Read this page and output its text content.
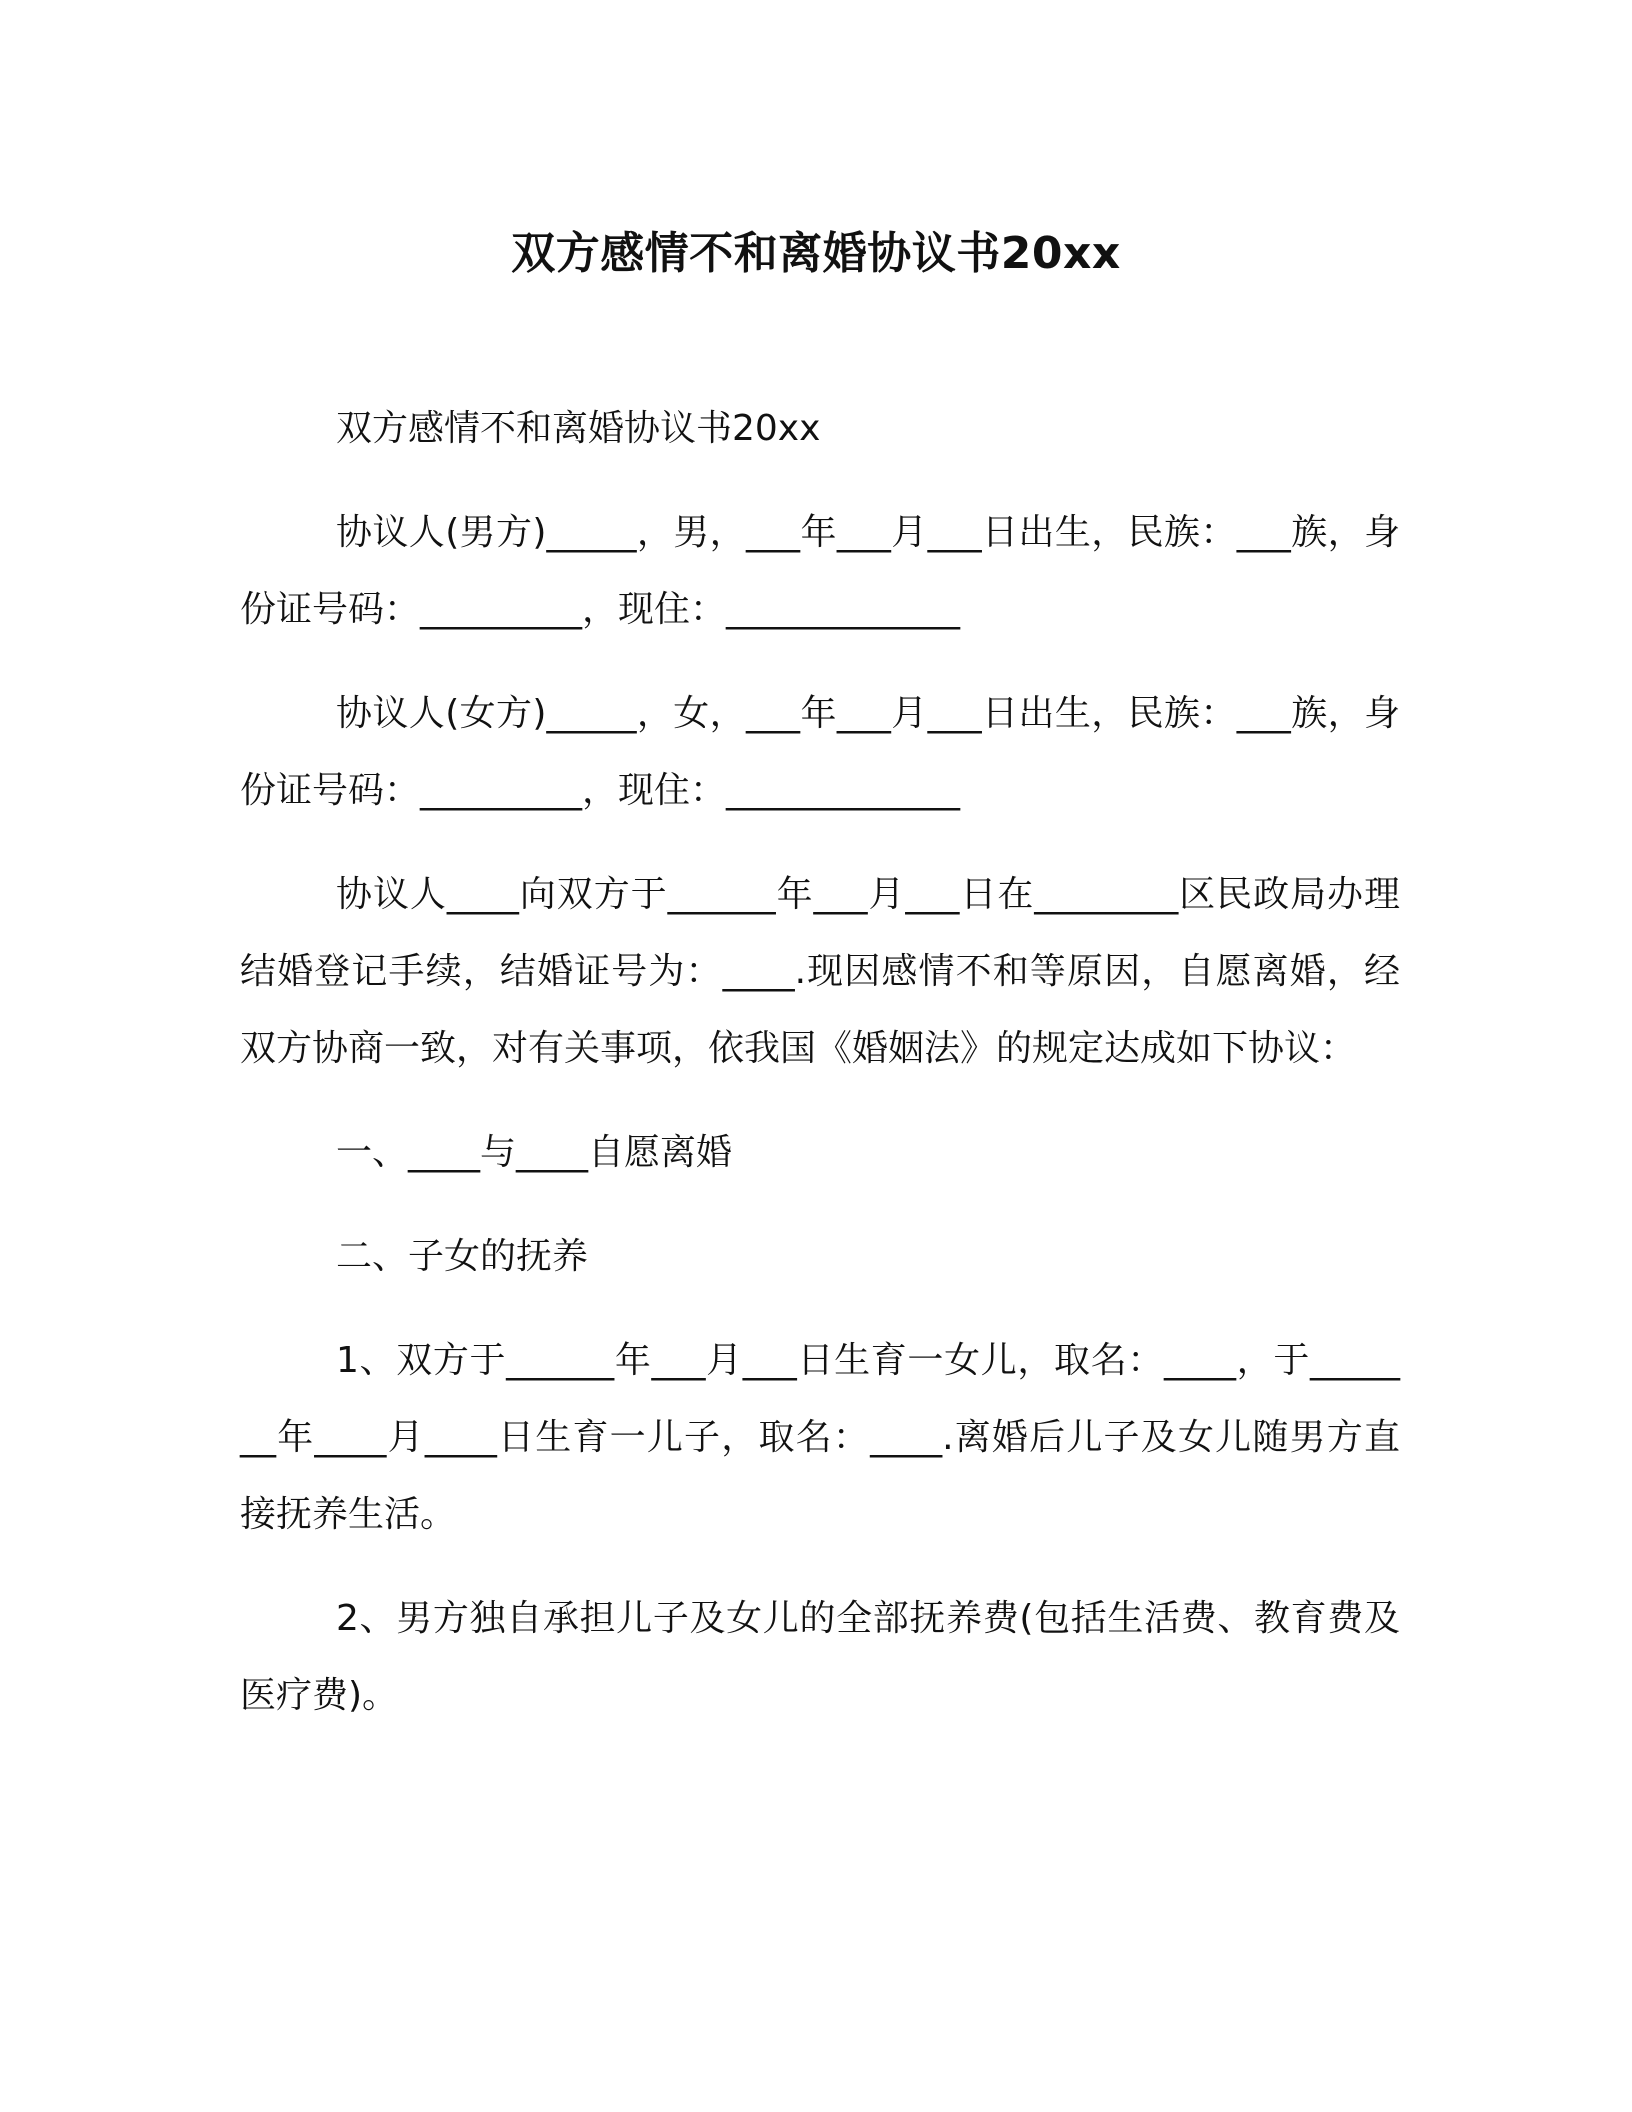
双方感情不和离婚协议书20xx

双方感情不和离婚协议书20xx

协议人(男方)_____，男，___年___月___日出生，民族：___族，身份证号码：_________，现住：_____________

协议人(女方)_____，女，___年___月___日出生，民族：___族，身份证号码：_________，现住：_____________

协议人____向双方于______年___月___日在________区民政局办理结婚登记手续，结婚证号为：____.现因感情不和等原因，自愿离婚，经双方协商一致，对有关事项，依我国《婚姻法》的规定达成如下协议：

一、____与____自愿离婚

二、子女的抚养

1、双方于______年___月___日生育一女儿，取名：____，于_______年____月____日生育一儿子，取名：____.离婚后儿子及女儿随男方直接抚养生活。

2、男方独自承担儿子及女儿的全部抚养费(包括生活费、教育费及医疗费)。
